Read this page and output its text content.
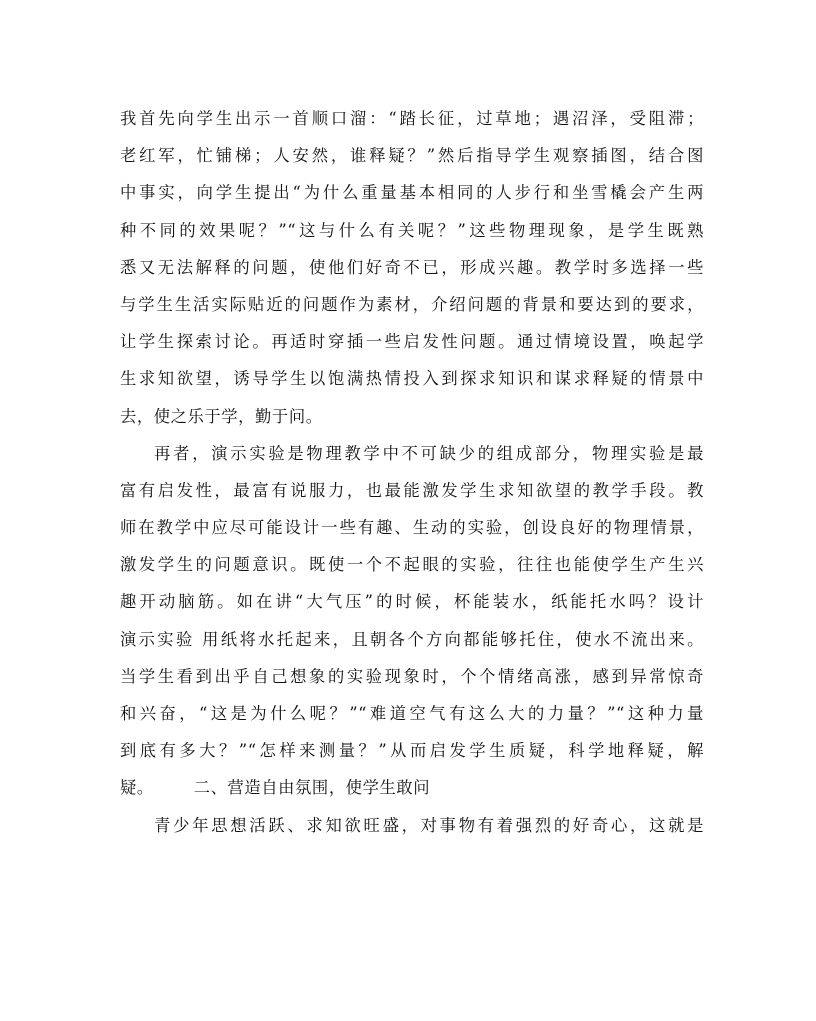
我首先向学生出示一首顺口溜：“踏长征，过草地；遇沼泽，受阻滞；
老红军，忙铺梯；人安然，谁释疑？”然后指导学生观察插图，结合图
中事实，向学生提出“为什么重量基本相同的人步行和坐雪橇会产生两
种不同的效果呢？”“这与什么有关呢？”这些物理现象，是学生既熟
悉又无法解释的问题，使他们好奇不已，形成兴趣。教学时多选择一些
与学生生活实际贴近的问题作为素材，介绍问题的背景和要达到的要求，
让学生探索讨论。再适时穿插一些启发性问题。通过情境设置，唤起学
生求知欲望，诱导学生以饱满热情投入到探求知识和谋求释疑的情景中
去，使之乐于学，勤于问。
再者，演示实验是物理教学中不可缺少的组成部分，物理实验是最
富有启发性，最富有说服力，也最能激发学生求知欲望的教学手段。教
师在教学中应尽可能设计一些有趣、生动的实验，创设良好的物理情景，
激发学生的问题意识。既使一个不起眼的实验，往往也能使学生产生兴
趣开动脑筋。如在讲“大气压”的时候，杯能装水，纸能托水吗？设计
演示实验 用纸将水托起来，且朝各个方向都能够托住，使水不流出来。
当学生看到出乎自己想象的实验现象时，个个情绪高涨，感到异常惊奇
和兴奋，“这是为什么呢？”“难道空气有这么大的力量？”“这种力量
到底有多大？”“怎样来测量？”从而启发学生质疑，科学地释疑，解
疑。 二、营造自由氛围，使学生敢问
青少年思想活跃、求知欲旺盛，对事物有着强烈的好奇心，这就是
